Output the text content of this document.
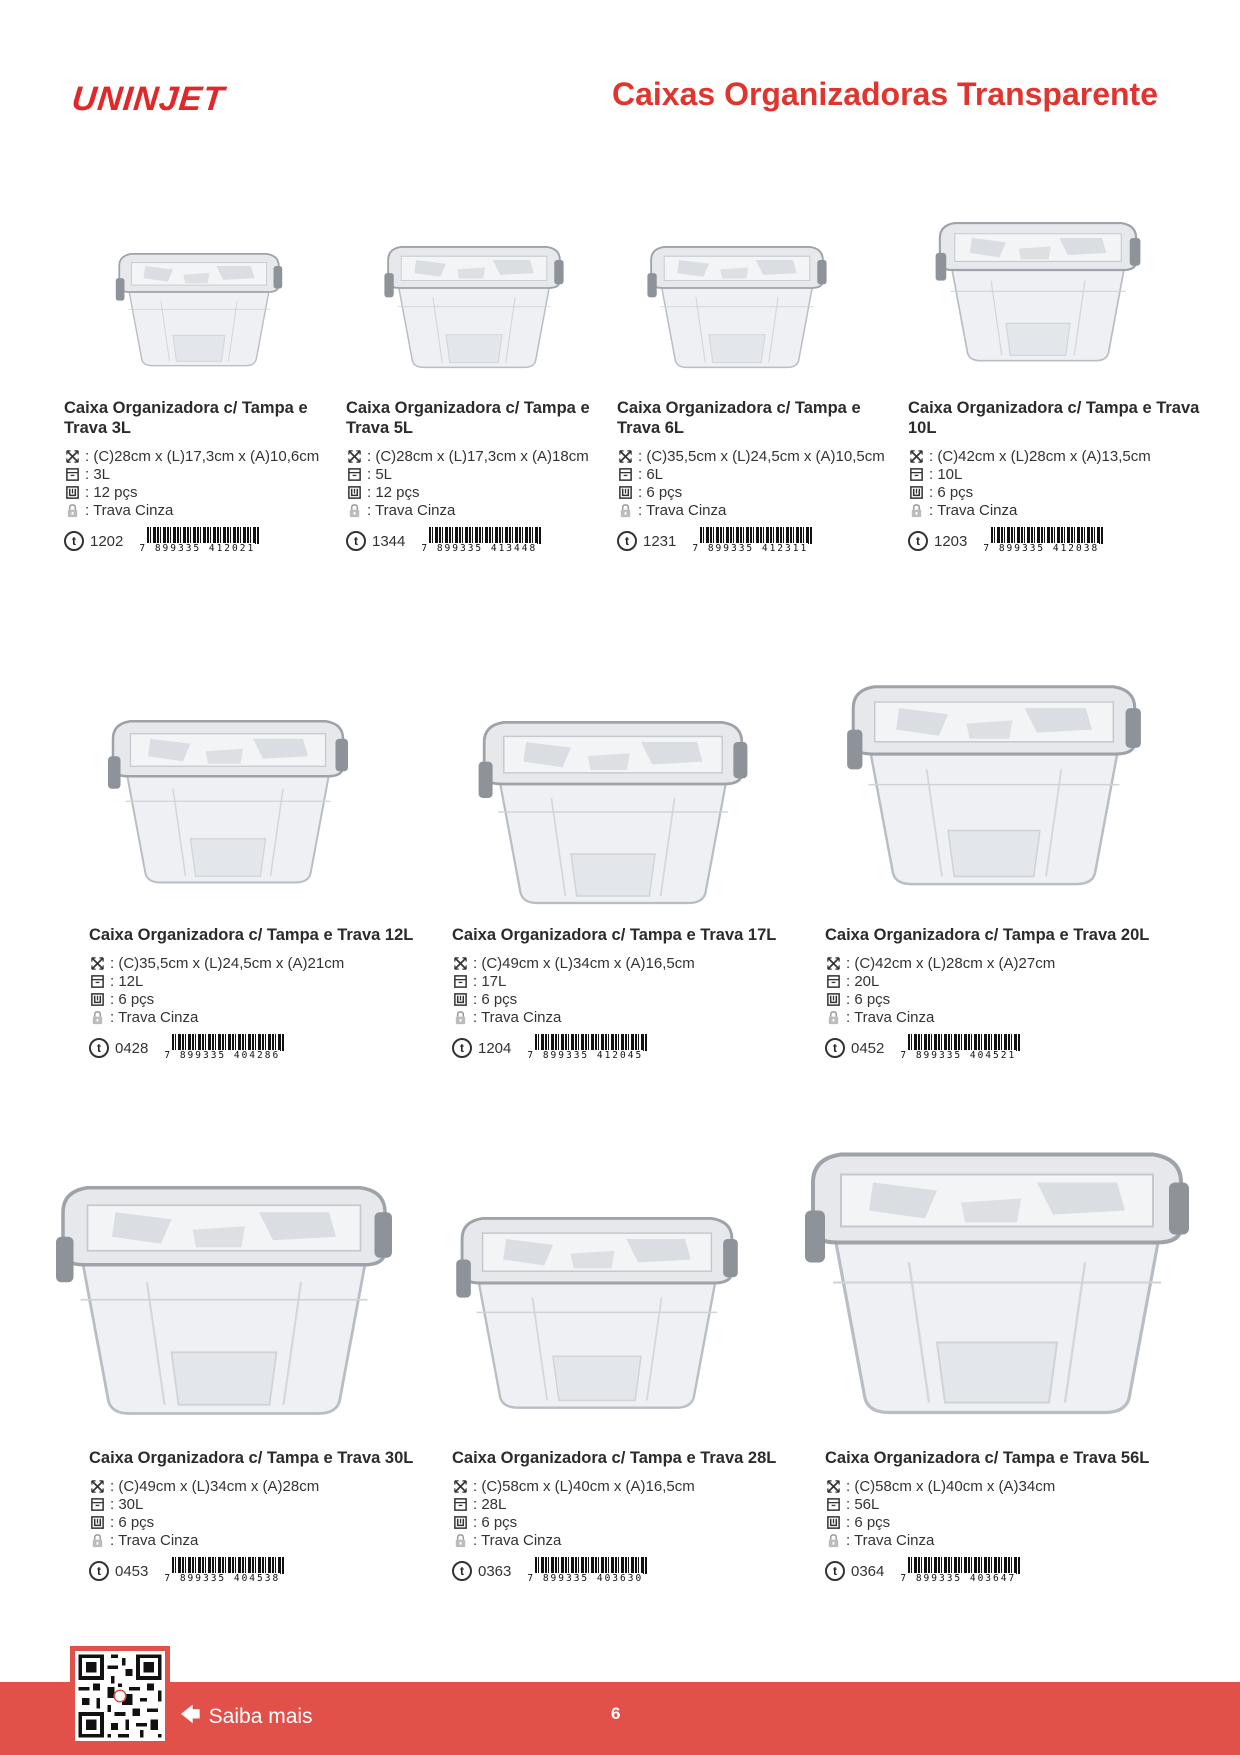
UNINJET	Caixas Organizadoras Transparente
Caixa Organizadora c/ Tampa e Trava 3L
: (C)28cm x (L)17,3cm x (A)10,6cm
: 3L
: 12 pçs
: Trava Cinza
t 1202 7 899335 412021
Caixa Organizadora c/ Tampa e Trava 5L
: (C)28cm x (L)17,3cm x (A)18cm
: 5L
: 12 pçs
: Trava Cinza
t 1344 7 899335 413448
Caixa Organizadora c/ Tampa e Trava 6L
: (C)35,5cm x (L)24,5cm x (A)10,5cm
: 6L
: 6 pçs
: Trava Cinza
t 1231 7 899335 412311
Caixa Organizadora c/ Tampa e Trava 10L
: (C)42cm x (L)28cm x (A)13,5cm
: 10L
: 6 pçs
: Trava Cinza
t 1203 7 899335 412038
Caixa Organizadora c/ Tampa e Trava 12L
: (C)35,5cm x (L)24,5cm x (A)21cm
: 12L
: 6 pçs
: Trava Cinza
t 0428 7 899335 404286
Caixa Organizadora c/ Tampa e Trava 17L
: (C)49cm x (L)34cm x (A)16,5cm
: 17L
: 6 pçs
: Trava Cinza
t 1204 7 899335 412045
Caixa Organizadora c/ Tampa e Trava 20L
: (C)42cm x (L)28cm x (A)27cm
: 20L
: 6 pçs
: Trava Cinza
t 0452 7 899335 404521
Caixa Organizadora c/ Tampa e Trava 30L
: (C)49cm x (L)34cm x (A)28cm
: 30L
: 6 pçs
: Trava Cinza
t 0453 7 899335 404538
Caixa Organizadora c/ Tampa e Trava 28L
: (C)58cm x (L)40cm x (A)16,5cm
: 28L
: 6 pçs
: Trava Cinza
t 0363 7 899335 403630
Caixa Organizadora c/ Tampa e Trava 56L
: (C)58cm x (L)40cm x (A)34cm
: 56L
: 6 pçs
: Trava Cinza
t 0364 7 899335 403647
🡄 Saiba mais	6
